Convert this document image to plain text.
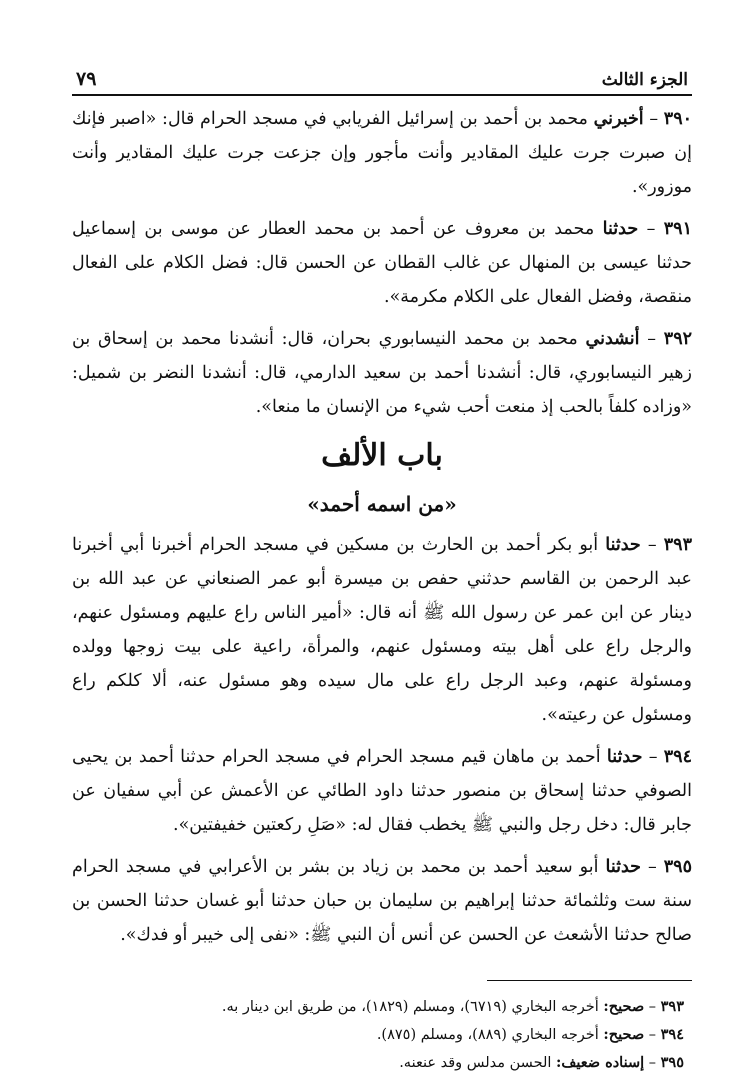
الجزء الثالث
٧٩

٣٩٠ – أخبرني محمد بن أحمد بن إسرائيل الفريابي في مسجد الحرام قال: «اصبر فإنك إن صبرت جرت عليك المقادير وأنت مأجور وإن جزعت جرت عليك المقادير وأنت موزور».

٣٩١ – حدثنا محمد بن معروف عن أحمد بن محمد العطار عن موسى بن إسماعيل حدثنا عيسى بن المنهال عن غالب القطان عن الحسن قال: فضل الكلام على الفعال منقصة، وفضل الفعال على الكلام مكرمة».

٣٩٢ – أنشدني محمد بن محمد النيسابوري بحران، قال: أنشدنا محمد بن إسحاق بن زهير النيسابوري، قال: أنشدنا أحمد بن سعيد الدارمي، قال: أنشدنا النضر بن شميل: «وزاده كلفاً بالحب إذ منعت أحب شيء من الإنسان ما منعا».

باب الألف
«من اسمه أحمد»

٣٩٣ – حدثنا أبو بكر أحمد بن الحارث بن مسكين في مسجد الحرام أخبرنا أبي أخبرنا عبد الرحمن بن القاسم حدثني حفص بن ميسرة أبو عمر الصنعاني عن عبد الله بن دينار عن ابن عمر عن رسول الله ﷺ أنه قال: «أمير الناس راع عليهم ومسئول عنهم، والرجل راع على أهل بيته ومسئول عنهم، والمرأة، راعية على بيت زوجها وولده ومسئولة عنهم، وعبد الرجل راع على مال سيده وهو مسئول عنه، ألا كلكم راع ومسئول عن رعيته».

٣٩٤ – حدثنا أحمد بن ماهان قيم مسجد الحرام في مسجد الحرام حدثنا أحمد بن يحيى الصوفي حدثنا إسحاق بن منصور حدثنا داود الطائي عن الأعمش عن أبي سفيان عن جابر قال: دخل رجل والنبي ﷺ يخطب فقال له: «صَلِ ركعتين خفيفتين».

٣٩٥ – حدثنا أبو سعيد أحمد بن محمد بن زياد بن بشر بن الأعرابي في مسجد الحرام سنة ست وثلثمائة حدثنا إبراهيم بن سليمان بن حبان حدثنا أبو غسان حدثنا الحسن بن صالح حدثنا الأشعث عن الحسن عن أنس أن النبي ﷺ: «نفى إلى خيبر أو فدك».

٣٩٣ – صحيح: أخرجه البخاري (٦٧١٩)، ومسلم (١٨٢٩)، من طريق ابن دينار به.
٣٩٤ – صحيح: أخرجه البخاري (٨٨٩)، ومسلم (٨٧٥).
٣٩٥ – إسناده ضعيف: الحسن مدلس وقد عنعنه.
